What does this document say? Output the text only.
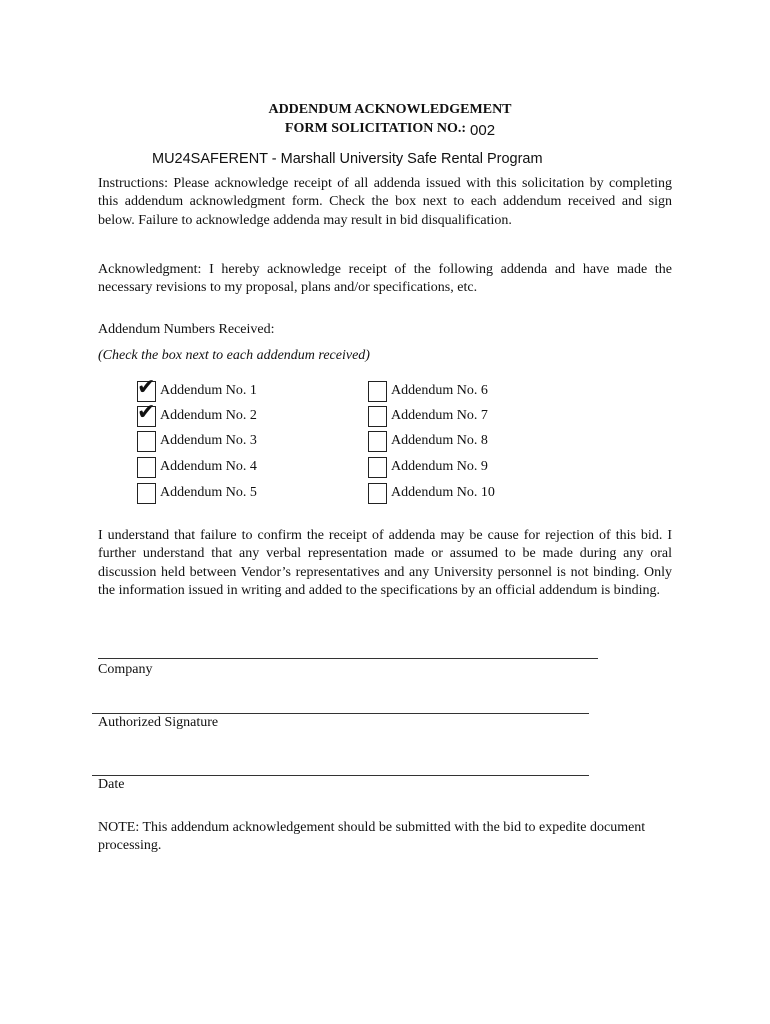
ADDENDUM ACKNOWLEDGEMENT
FORM SOLICITATION NO.: 002
MU24SAFERENT - Marshall University Safe Rental Program
Instructions: Please acknowledge receipt of all addenda issued with this solicitation by completing this addendum acknowledgment form. Check the box next to each addendum received and sign below. Failure to acknowledge addenda may result in bid disqualification.
Acknowledgment: I hereby acknowledge receipt of the following addenda and have made the necessary revisions to my proposal, plans and/or specifications, etc.
Addendum Numbers Received:
(Check the box next to each addendum received)
✔ Addendum No. 1
✔ Addendum No. 2
Addendum No. 3
Addendum No. 4
Addendum No. 5
Addendum No. 6
Addendum No. 7
Addendum No. 8
Addendum No. 9
Addendum No. 10
I understand that failure to confirm the receipt of addenda may be cause for rejection of this bid. I further understand that any verbal representation made or assumed to be made during any oral discussion held between Vendor’s representatives and any University personnel is not binding. Only the information issued in writing and added to the specifications by an official addendum is binding.
Company
Authorized Signature
Date
NOTE: This addendum acknowledgement should be submitted with the bid to expedite document processing.
